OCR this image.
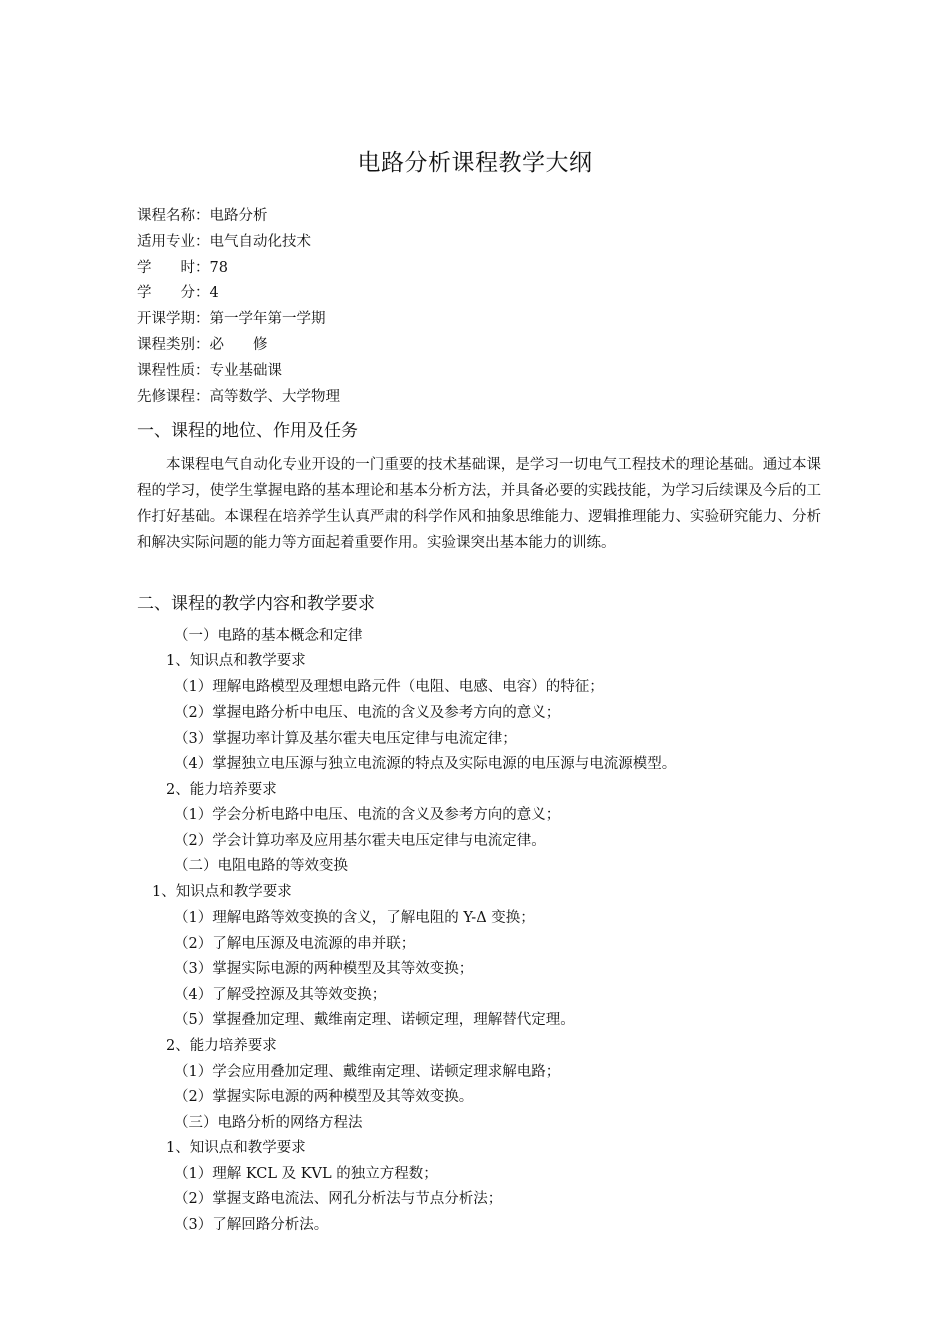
电路分析课程教学大纲
课程名称：电路分析
适用专业：电气自动化技术
学　　时：78
学　　分：4
开课学期：第一学年第一学期
课程类别：必　　修
课程性质：专业基础课
先修课程：高等数学、大学物理
一、课程的地位、作用及任务
本课程电气自动化专业开设的一门重要的技术基础课，是学习一切电气工程技术的理论基础。通过本课程的学习，使学生掌握电路的基本理论和基本分析方法，并具备必要的实践技能，为学习后续课及今后的工作打好基础。本课程在培养学生认真严肃的科学作风和抽象思维能力、逻辑推理能力、实验研究能力、分析和解决实际问题的能力等方面起着重要作用。实验课突出基本能力的训练。
二、课程的教学内容和教学要求
（一）电路的基本概念和定律
1、知识点和教学要求
（1）理解电路模型及理想电路元件（电阻、电感、电容）的特征；
（2）掌握电路分析中电压、电流的含义及参考方向的意义；
（3）掌握功率计算及基尔霍夫电压定律与电流定律；
（4）掌握独立电压源与独立电流源的特点及实际电源的电压源与电流源模型。
2、能力培养要求
（1）学会分析电路中电压、电流的含义及参考方向的意义；
（2）学会计算功率及应用基尔霍夫电压定律与电流定律。
（二）电阻电路的等效变换
1、知识点和教学要求
（1）理解电路等效变换的含义，了解电阻的 Y-Δ 变换；
（2）了解电压源及电流源的串并联；
（3）掌握实际电源的两种模型及其等效变换；
（4）了解受控源及其等效变换；
（5）掌握叠加定理、戴维南定理、诺顿定理，理解替代定理。
2、能力培养要求
（1）学会应用叠加定理、戴维南定理、诺顿定理求解电路；
（2）掌握实际电源的两种模型及其等效变换。
（三）电路分析的网络方程法
1、知识点和教学要求
（1）理解 KCL 及 KVL 的独立方程数；
（2）掌握支路电流法、网孔分析法与节点分析法；
（3）了解回路分析法。
